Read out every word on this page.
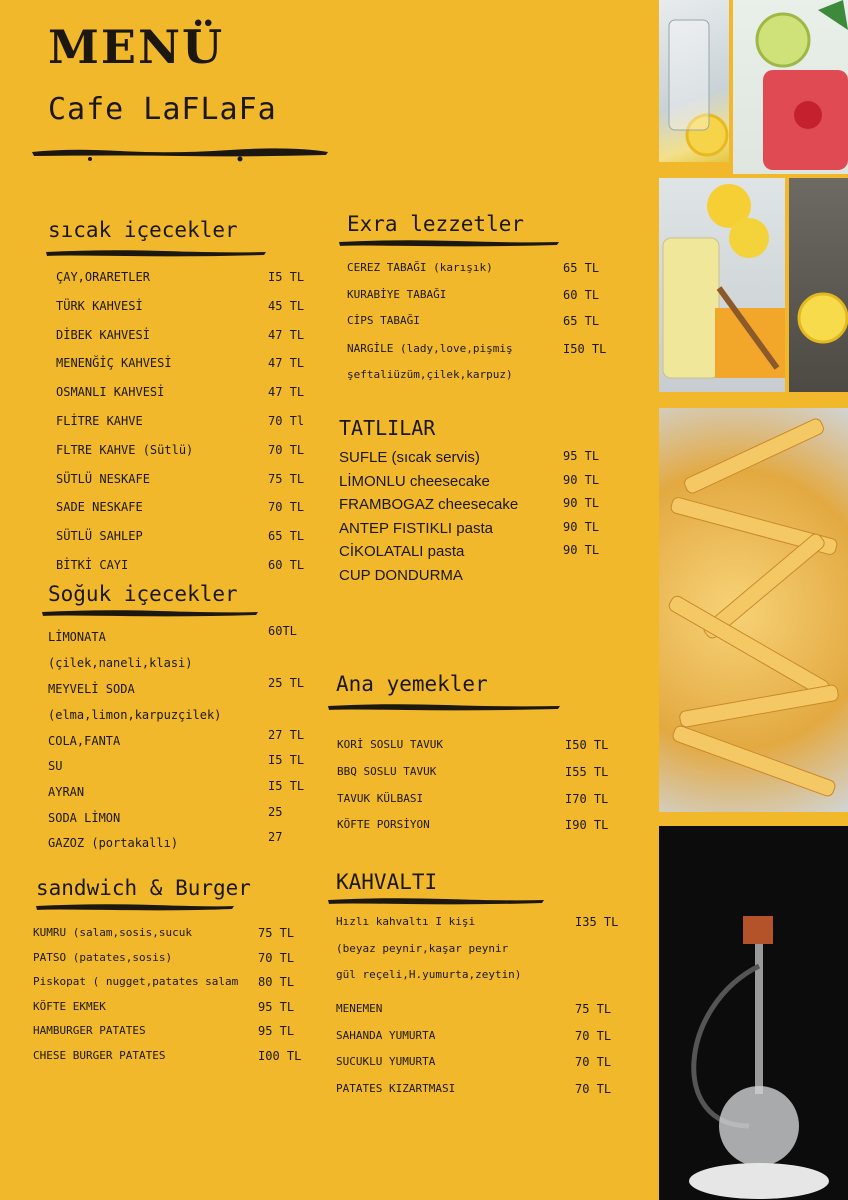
MENÜ
Cafe LaFLaFa
sıcak içecekler
ÇAY,ORARETLER	I5 TL
TÜRK KAHVESİ	45 TL
DİBEK KAHVESİ	47 TL
MENENĞİÇ KAHVESİ	47 TL
OSMANLI KAHVESİ	47 TL
FLİTRE KAHVE	70 Tl
FLTRE KAHVE (Sütlü)	70 TL
SÜTLÜ NESKAFE	75 TL
SADE NESKAFE	70 TL
SÜTLÜ SAHLEP	65 TL
BİTKİ CAYI	60 TL
Soğuk içecekler
LİMONATA	60TL
(çilek,naneli,klasi)
MEYVELİ SODA	25 TL
(elma,limon,karpuzçilek)
COLA,FANTA	27 TL
SU	I5 TL
AYRAN	I5 TL
SODA LİMON	25
GAZOZ (portakallı)	27
sandwich & Burger
KUMRU (salam,sosis,sucuk	75 TL
PATSO (patates,sosis)	70 TL
Piskopat ( nugget,patates salam 80 TL
KÖFTE EKMEK	95 TL
HAMBURGER PATATES	95 TL
CHESE BURGER PATATES	I00 TL
Exra lezzetler
CEREZ TABAĞI (karışık)	65 TL
KURABİYE TABAĞI	60 TL
CİPS TABAĞI	65 TL
NARGİLE (lady,love,pişmiş	I50 TL
şeftaliüzüm,çilek,karpuz)
TATLILAR
SUFLE (sıcak servis)	95 TL
LİMONLU cheesecake	90 TL
FRAMBOGAZ cheesecake	90 TL
ANTEP FISTIKLI pasta	90 TL
CİKOLATALI pasta	90 TL
CUP DONDURMA
Ana yemekler
KORİ SOSLU TAVUK	I50 TL
BBQ SOSLU TAVUK	I55 TL
TAVUK KÜLBASI	I70 TL
KÖFTE PORSİYON	I90 TL
KAHVALTI
Hızlı kahvaltı I kişi	I35 TL
(beyaz peynir,kaşar peynir
gül reçeli,H.yumurta,zeytin)
MENEMEN	75 TL
SAHANDA YUMURTA	70 TL
SUCUKLU YUMURTA	70 TL
PATATES KIZARTMASI	70 TL
